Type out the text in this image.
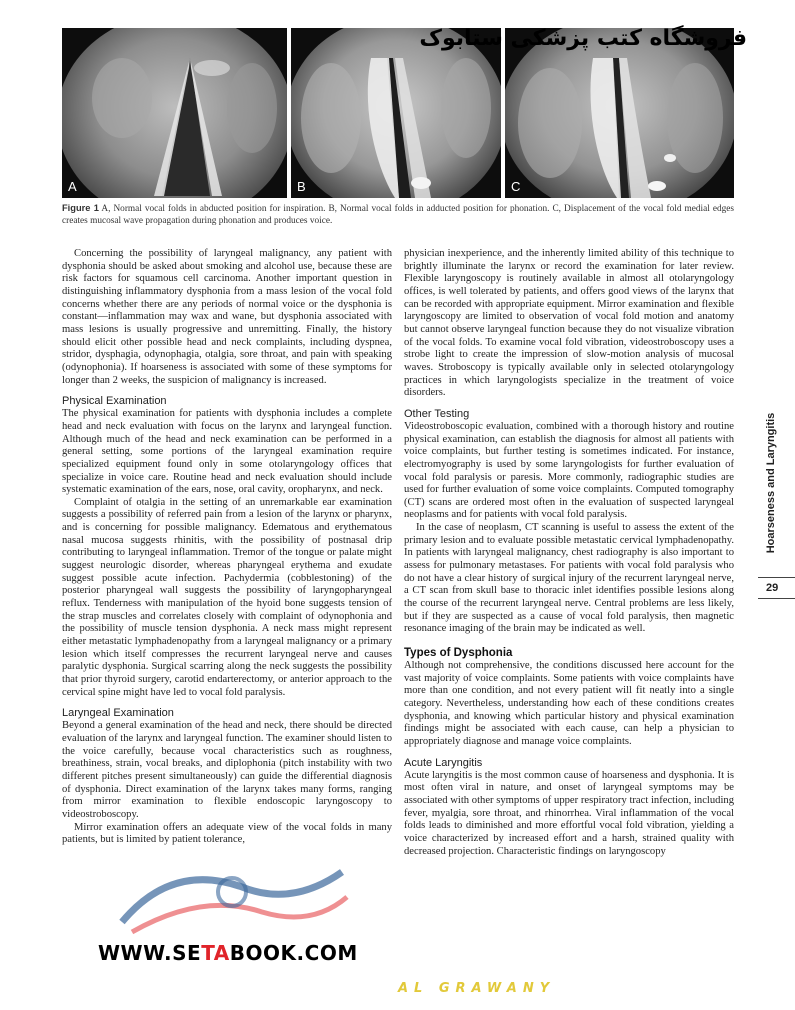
فروشگاه کتب پزشکی ستابوک
A	B	C
Figure 1 A, Normal vocal folds in abducted position for inspiration. B, Normal vocal folds in adducted position for phonation. C, Displacement of the vocal fold medial edges creates mucosal wave propagation during phonation and produces voice.

Concerning the possibility of laryngeal malignancy, any patient with dysphonia should be asked about smoking and alcohol use, because these are risk factors for squamous cell carcinoma. Another important question in distinguishing inflammatory dysphonia from a mass lesion of the vocal fold concerns whether there are any periods of normal voice or the dysphonia is constant—inflammation may wax and wane, but dysphonia associated with mass lesions is usually progressive and unremitting. Finally, the history should elicit other possible head and neck complaints, including dyspnea, stridor, dysphagia, odynophagia, otalgia, sore throat, and pain with speaking (odynophonia). If hoarseness is associated with some of these symptoms for longer than 2 weeks, the suspicion of malignancy is increased.

Physical Examination

The physical examination for patients with dysphonia includes a complete head and neck evaluation with focus on the larynx and laryngeal function. Although much of the head and neck examination can be performed in a general setting, some portions of the laryngeal examination require specialized equipment found only in some otolaryngology offices that specialize in voice care. Routine head and neck evaluation should include systematic examination of the ears, nose, oral cavity, oropharynx, and neck.

Complaint of otalgia in the setting of an unremarkable ear examination suggests a possibility of referred pain from a lesion of the larynx or pharynx, and is concerning for possible malignancy. Edematous and erythematous nasal mucosa suggests rhinitis, with the possibility of postnasal drip contributing to laryngeal inflammation. Tremor of the tongue or palate might suggest neurologic disorder, whereas pharyngeal erythema and exudate suggest possible acute infection. Pachydermia (cobblestoning) of the posterior pharyngeal wall suggests the possibility of laryngopharyngeal reflux. Tenderness with manipulation of the hyoid bone suggests tension of the strap muscles and correlates closely with complaint of odynophonia and the possibility of muscle tension dysphonia. A neck mass might represent either metastatic lymphadenopathy from a laryngeal malignancy or a primary lesion which itself compresses the recurrent laryngeal nerve and causes paralytic dysphonia. Surgical scarring along the neck suggests the possibility that prior thyroid surgery, carotid endarterectomy, or anterior approach to the cervical spine might have led to vocal fold paralysis.

Laryngeal Examination

Beyond a general examination of the head and neck, there should be directed evaluation of the larynx and laryngeal function. The examiner should listen to the voice carefully, because vocal characteristics such as roughness, breathiness, strain, vocal breaks, and diplophonia (pitch instability with two different pitches present simultaneously) can guide the differential diagnosis of dysphonia. Direct examination of the larynx takes many forms, ranging from mirror examination to flexible endoscopic laryngoscopy to videostroboscopy.

Mirror examination offers an adequate view of the vocal folds in many patients, but is limited by patient tolerance,

physician inexperience, and the inherently limited ability of this technique to brightly illuminate the larynx or record the examination for later review. Flexible laryngoscopy is routinely available in almost all otolaryngology offices, is well tolerated by patients, and offers good views of the larynx that can be recorded with appropriate equipment. Mirror examination and flexible laryngoscopy are limited to observation of vocal fold motion and anatomy but cannot observe laryngeal function because they do not visualize vibration of the vocal folds. To examine vocal fold vibration, videostroboscopy uses a strobe light to create the impression of slow-motion analysis of mucosal waves. Stroboscopy is typically available only in selected otolaryngology practices in which laryngologists specialize in the treatment of voice disorders.

Other Testing

Videostroboscopic evaluation, combined with a thorough history and routine physical examination, can establish the diagnosis for almost all patients with voice complaints, but further testing is sometimes indicated. For instance, electromyography is used by some laryngologists for further evaluation of vocal fold paralysis or paresis. More commonly, radiographic studies are used for further evaluation of some voice complaints. Computed tomography (CT) scans are ordered most often in the evaluation of suspected laryngeal neoplasms and for patients with vocal fold paralysis.

In the case of neoplasm, CT scanning is useful to assess the extent of the primary lesion and to evaluate possible metastatic cervical lymphadenopathy. In patients with laryngeal malignancy, chest radiography is also important to assess for pulmonary metastases. For patients with vocal fold paralysis who do not have a clear history of surgical injury of the recurrent laryngeal nerve, a CT scan from skull base to thoracic inlet identifies possible lesions along the course of the recurrent laryngeal nerve. Central problems are less likely, but if they are suspected as a cause of vocal fold paralysis, then magnetic resonance imaging of the brain may be indicated as well.

Types of Dysphonia

Although not comprehensive, the conditions discussed here account for the vast majority of voice complaints. Some patients with voice complaints have more than one condition, and not every patient will fit neatly into a single category. Nevertheless, understanding how each of these conditions creates dysphonia, and knowing which particular history and physical examination findings might be associated with each cause, can help a physician to appropriately diagnose and manage voice complaints.

Acute Laryngitis

Acute laryngitis is the most common cause of hoarseness and dysphonia. It is most often viral in nature, and onset of laryngeal symptoms may be associated with other symptoms of upper respiratory tract infection, including fever, myalgia, sore throat, and rhinorrhea. Viral inflammation of the vocal folds leads to diminished and more effortful vocal fold vibration, yielding a voice characterized by increased effort and a harsh, strained quality with decreased projection. Characteristic findings on laryngoscopy

Hoarseness and Laryngitis
29
WWW.SETABOOK.COM
AL GRAWANY
